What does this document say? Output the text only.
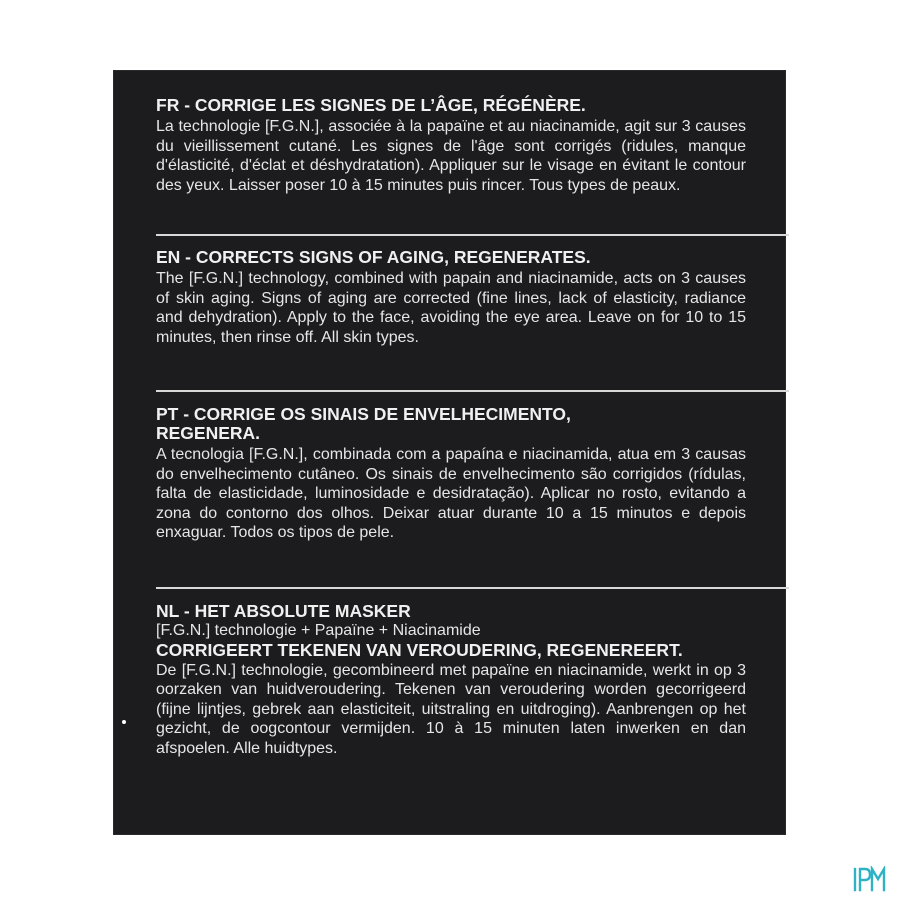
FR - CORRIGE LES SIGNES DE L’ÂGE, RÉGÉNÈRE.
La technologie [F.G.N.], associée à la papaïne et au niacinamide, agit sur 3 causes du vieillissement cutané. Les signes de l'âge sont corrigés (ridules, manque d'élasticité, d'éclat et déshydratation). Appliquer sur le visage en évitant le contour des yeux. Laisser poser 10 à 15 minutes puis rincer. Tous types de peaux.
EN - CORRECTS SIGNS OF AGING, REGENERATES.
The [F.G.N.] technology, combined with papain and niacinamide, acts on 3 causes of skin aging. Signs of aging are corrected (fine lines, lack of elasticity, radiance and dehydration). Apply to the face, avoiding the eye area. Leave on for 10 to 15 minutes, then rinse off. All skin types.
PT - CORRIGE OS SINAIS DE ENVELHECIMENTO,
REGENERA.
A tecnologia [F.G.N.], combinada com a papaína e niacinamida, atua em 3 causas do envelhecimento cutâneo. Os sinais de envelhecimento são corrigidos (rídulas, falta de elasticidade, luminosidade e desidratação). Aplicar no rosto, evitando a zona do contorno dos olhos. Deixar atuar durante 10 a 15 minutos e depois enxaguar. Todos os tipos de pele.
NL - HET ABSOLUTE MASKER
[F.G.N.] technologie + Papaïne + Niacinamide
CORRIGEERT TEKENEN VAN VEROUDERING, REGENEREERT.
De [F.G.N.] technologie, gecombineerd met papaïne en niacinamide, werkt in op 3 oorzaken van huidveroudering. Tekenen van veroudering worden gecorrigeerd (fijne lijntjes, gebrek aan elasticiteit, uitstraling en uitdroging). Aanbrengen op het gezicht, de oogcontour vermijden. 10 à 15 minuten laten inwerken en dan afspoelen. Alle huidtypes.
